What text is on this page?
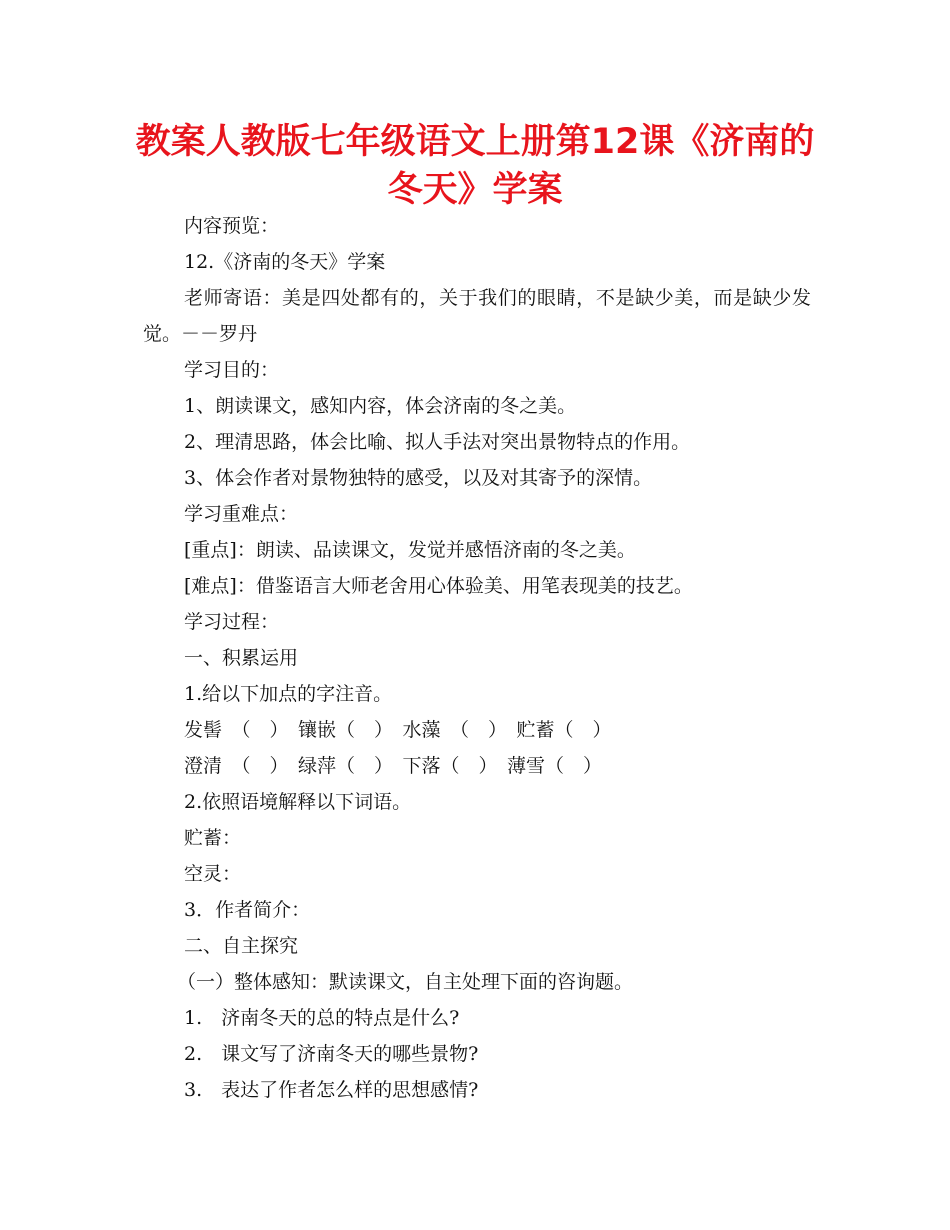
教案人教版七年级语文上册第12课《济南的冬天》学案

内容预览：

12.《济南的冬天》学案

老师寄语：美是四处都有的，关于我们的眼睛，不是缺少美，而是缺少发觉。－－罗丹

学习目的：

1、朗读课文，感知内容，体会济南的冬之美。

2、理清思路，体会比喻、拟人手法对突出景物特点的作用。

3、体会作者对景物独特的感受，以及对其寄予的深情。

学习重难点：

[重点]：朗读、品读课文，发觉并感悟济南的冬之美。

[难点]：借鉴语言大师老舍用心体验美、用笔表现美的技艺。

学习过程：

一、积累运用

1.给以下加点的字注音。

发髻　（　）　镶嵌（　）　水藻　（　）　贮蓄（　）

澄清　（　）　绿萍（　）　下落（　）　薄雪（　）

2.依照语境解释以下词语。

贮蓄：

空灵：

3．作者简介：

二、自主探究

（一）整体感知：默读课文，自主处理下面的咨询题。

1.　济南冬天的总的特点是什么?

2.　课文写了济南冬天的哪些景物?

3.　表达了作者怎么样的思想感情?
